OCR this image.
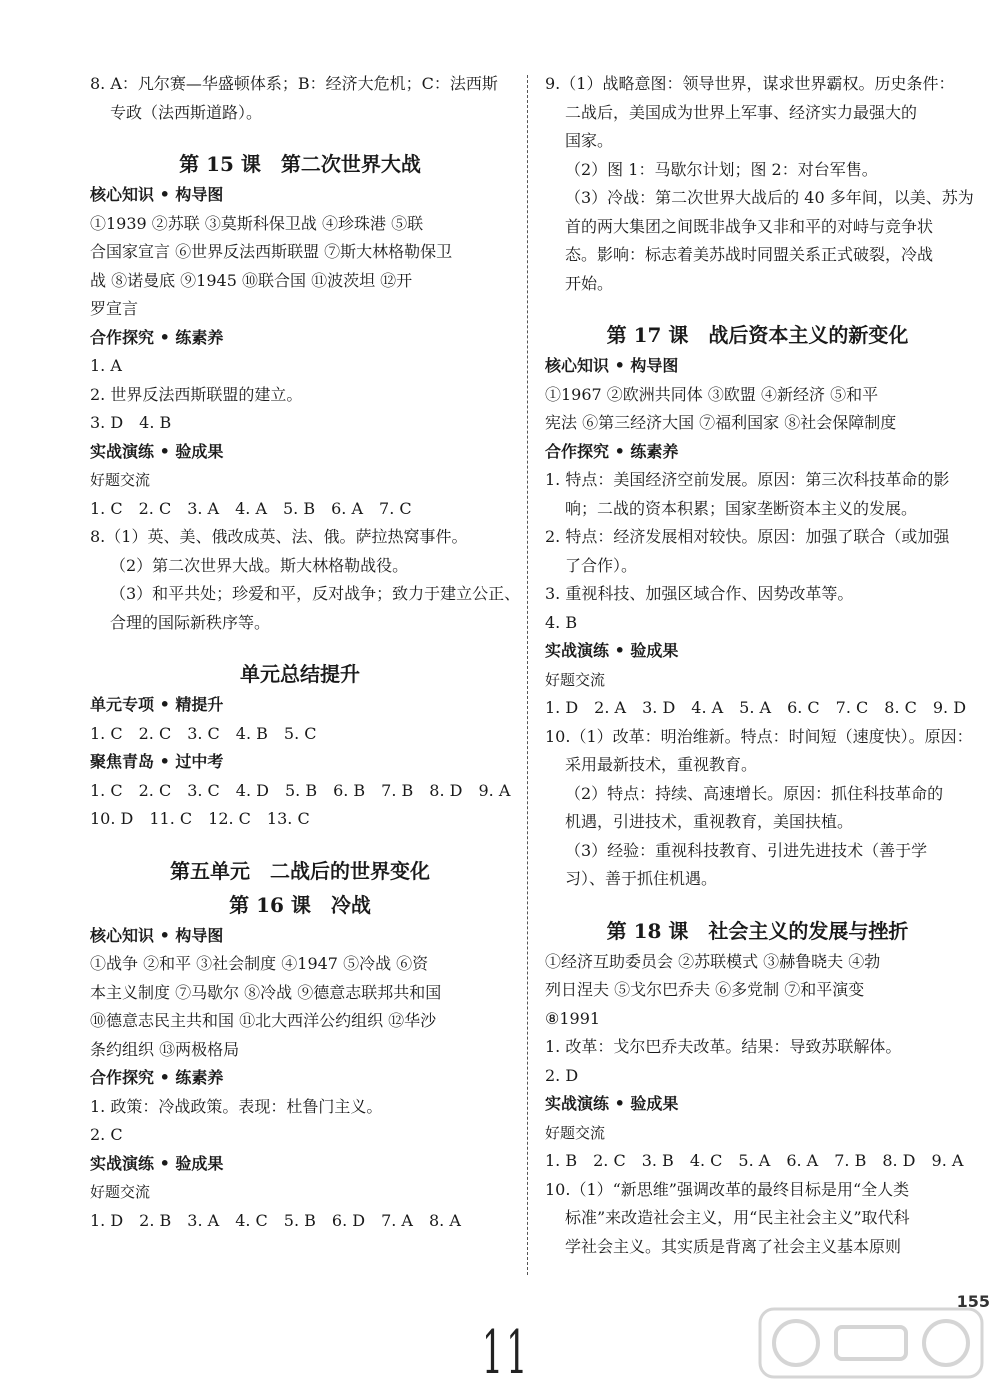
8. A：凡尔赛—华盛顿体系；B：经济大危机；C：法西斯
专政（法西斯道路）。
第 15 课　第二次世界大战
核心知识 • 构导图
①1939 ②苏联 ③莫斯科保卫战 ④珍珠港 ⑤联
合国家宣言 ⑥世界反法西斯联盟 ⑦斯大林格勒保卫
战 ⑧诺曼底 ⑨1945 ⑩联合国 ⑪波茨坦 ⑫开
罗宣言
合作探究 • 练素养
1. A
2. 世界反法西斯联盟的建立。
3. D　4. B
实战演练 • 验成果
好题交流
1. C　2. C　3. A　4. A　5. B　6. A　7. C
8.（1）英、美、俄改成英、法、俄。萨拉热窝事件。
（2）第二次世界大战。斯大林格勒战役。
（3）和平共处；珍爱和平，反对战争；致力于建立公正、
合理的国际新秩序等。
单元总结提升
单元专项 • 精提升
1. C　2. C　3. C　4. B　5. C
聚焦青岛 • 过中考
1. C　2. C　3. C　4. D　5. B　6. B　7. B　8. D　9. A
10. D　11. C　12. C　13. C
第五单元　二战后的世界变化
第 16 课　冷战
核心知识 • 构导图
①战争 ②和平 ③社会制度 ④1947 ⑤冷战 ⑥资
本主义制度 ⑦马歇尔 ⑧冷战 ⑨德意志联邦共和国
⑩德意志民主共和国 ⑪北大西洋公约组织 ⑫华沙
条约组织 ⑬两极格局
合作探究 • 练素养
1. 政策：冷战政策。表现：杜鲁门主义。
2. C
实战演练 • 验成果
好题交流
1. D　2. B　3. A　4. C　5. B　6. D　7. A　8. A
9.（1）战略意图：领导世界，谋求世界霸权。历史条件：
二战后，美国成为世界上军事、经济实力最强大的
国家。
（2）图 1：马歇尔计划；图 2：对台军售。
（3）冷战：第二次世界大战后的 40 多年间，以美、苏为
首的两大集团之间既非战争又非和平的对峙与竞争状
态。影响：标志着美苏战时同盟关系正式破裂，冷战
开始。
第 17 课　战后资本主义的新变化
核心知识 • 构导图
①1967 ②欧洲共同体 ③欧盟 ④新经济 ⑤和平
宪法 ⑥第三经济大国 ⑦福利国家 ⑧社会保障制度
合作探究 • 练素养
1. 特点：美国经济空前发展。原因：第三次科技革命的影
响；二战的资本积累；国家垄断资本主义的发展。
2. 特点：经济发展相对较快。原因：加强了联合（或加强
了合作）。
3. 重视科技、加强区域合作、因势改革等。
4. B
实战演练 • 验成果
好题交流
1. D　2. A　3. D　4. A　5. A　6. C　7. C　8. C　9. D
10.（1）改革：明治维新。特点：时间短（速度快）。原因：
采用最新技术，重视教育。
（2）特点：持续、高速增长。原因：抓住科技革命的
机遇，引进技术，重视教育，美国扶植。
（3）经验：重视科技教育、引进先进技术（善于学
习）、善于抓住机遇。
第 18 课　社会主义的发展与挫折
①经济互助委员会 ②苏联模式 ③赫鲁晓夫 ④勃
列日涅夫 ⑤戈尔巴乔夫 ⑥多党制 ⑦和平演变
⑧1991
1. 改革：戈尔巴乔夫改革。结果：导致苏联解体。
2. D
实战演练 • 验成果
好题交流
1. B　2. C　3. B　4. C　5. A　6. A　7. B　8. D　9. A
10.（1）“新思维”强调改革的最终目标是用“全人类
标准”来改造社会主义，用“民主社会主义”取代科
学社会主义。其实质是背离了社会主义基本原则
155
11
